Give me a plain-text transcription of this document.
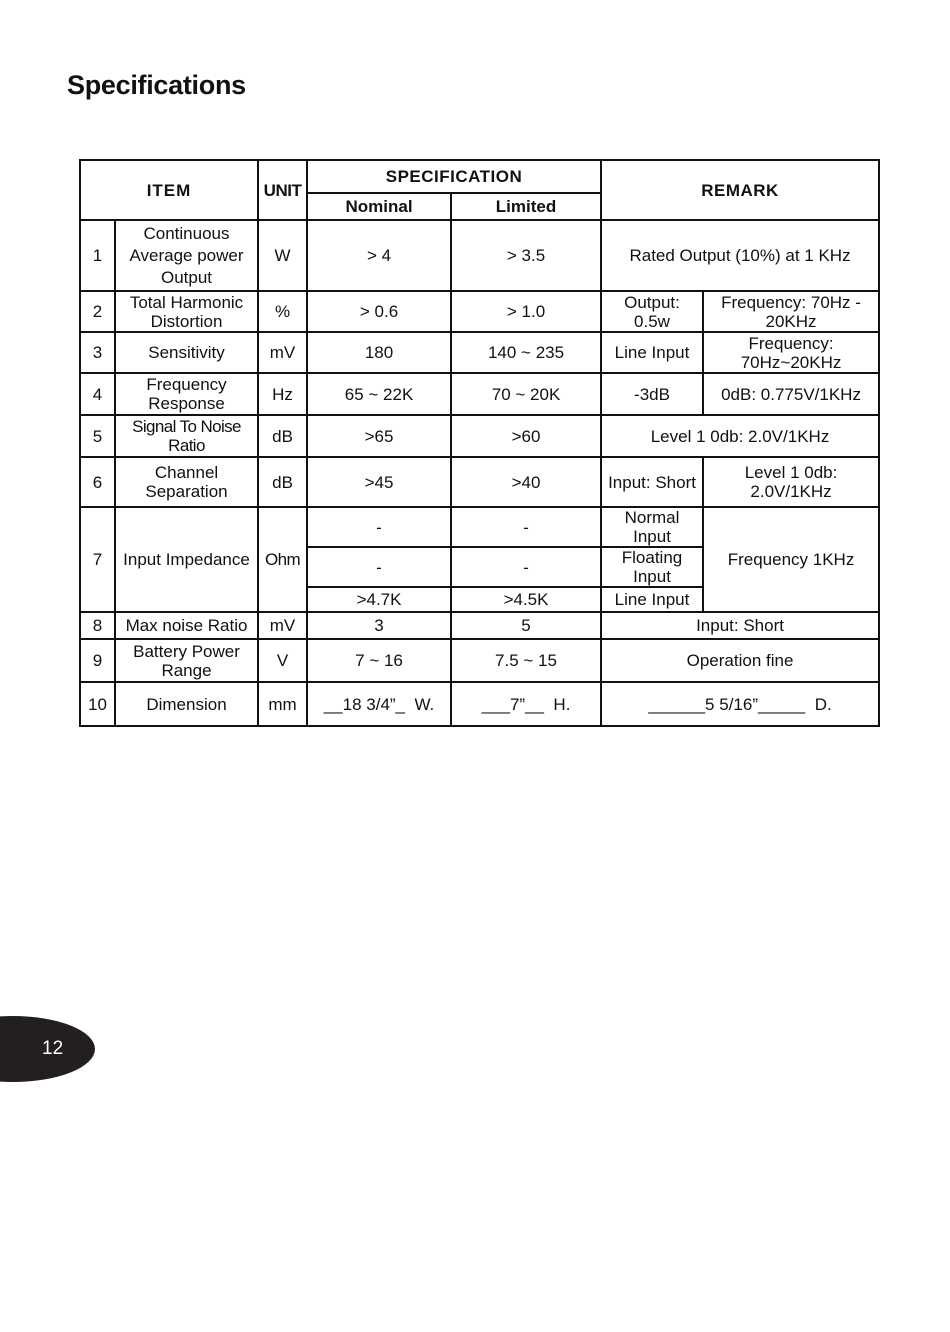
Specifications
ITEM		UNIT	SPECIFICATION		REMARK	
			Nominal	Limited		
1	Continuous Average power Output	W	> 4	> 3.5	Rated Output (10%) at 1 KHz	
2	Total Harmonic Distortion	%	> 0.6	> 1.0	Output: 0.5w	Frequency: 70Hz - 20KHz
3	Sensitivity	mV	180	140 ~ 235	Line Input	Frequency: 70Hz~20KHz
4	Frequency Response	Hz	65 ~ 22K	70 ~ 20K	-3dB	0dB: 0.775V/1KHz
5	Signal To Noise Ratio	dB	>65	>60	Level 1 0db: 2.0V/1KHz	
6	Channel Separation	dB	>45	>40	Input: Short	Level 1 0db: 2.0V/1KHz
7	Input Impedance	Ohm	-	-	Normal Input	Frequency 1KHz
			-	-	Floating Input	
			>4.7K	>4.5K	Line Input	
8	Max noise Ratio	mV	3	5	Input: Short	
9	Battery Power Range	V	7 ~ 16	7.5 ~ 15	Operation fine	
10	Dimension	mm	__18 3/4”_  W.	___7”__  H.	______5 5/16”_____  D.	
12
